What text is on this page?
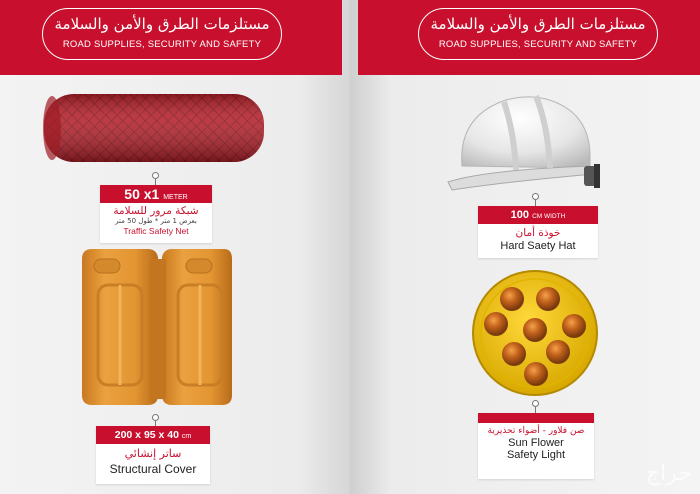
مستلزمات الطرق والأمن والسلامة
ROAD SUPPLIES, SECURITY AND SAFETY
50 x1 METER
شبكة مرور للسلامة
بعرض 1 متر * طول 50 متر
Traffic Safety Net
200 x 95 x 40 cm
ساتر إنشائي
Structural Cover
مستلزمات الطرق والأمن والسلامة
ROAD SUPPLIES, SECURITY AND SAFETY
100 CM WIDTH
خوذة أمان
Hard Saety Hat
صن فلاور - أضواء تحذيرية
Sun Flower
Safety Light
حراج
